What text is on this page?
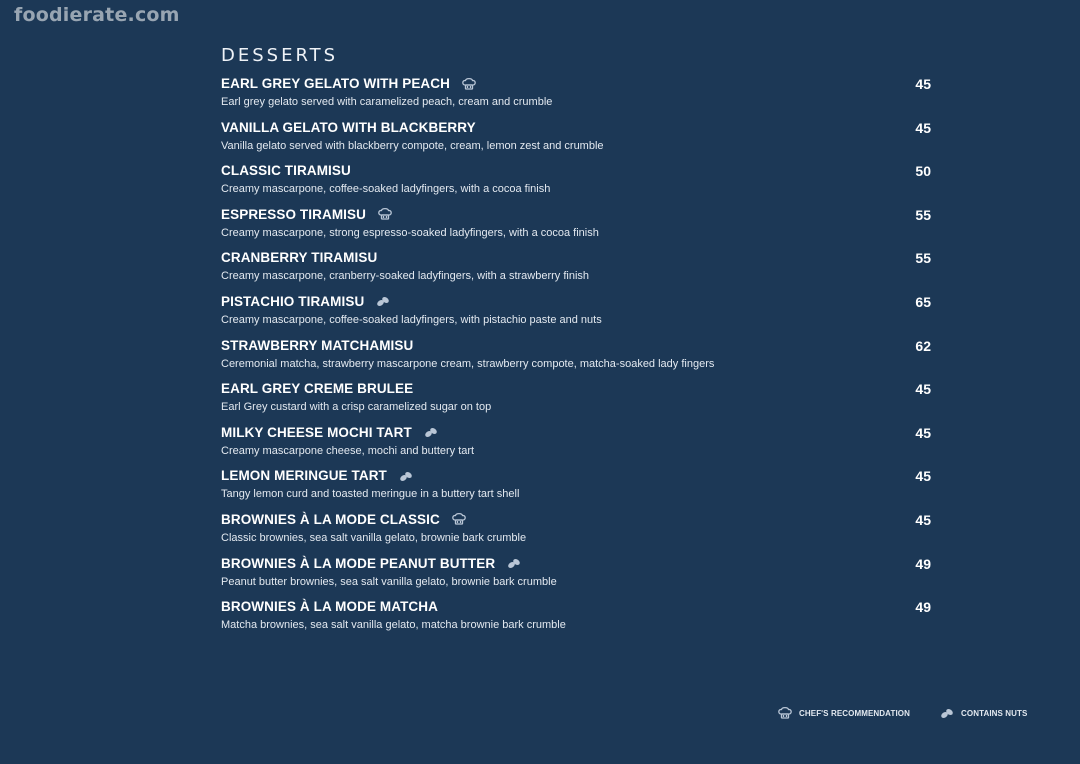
foodierate.com
DESSERTS
EARL GREY GELATO WITH PEACH
Earl grey gelato served with caramelized peach, cream and crumble
45
VANILLA GELATO WITH BLACKBERRY
Vanilla gelato served with blackberry compote, cream, lemon zest and crumble
45
CLASSIC TIRAMISU
Creamy mascarpone, coffee-soaked ladyfingers, with a cocoa finish
50
ESPRESSO TIRAMISU
Creamy mascarpone, strong espresso-soaked ladyfingers, with a cocoa finish
55
CRANBERRY TIRAMISU
Creamy mascarpone, cranberry-soaked ladyfingers, with a strawberry finish
55
PISTACHIO TIRAMISU
Creamy mascarpone, coffee-soaked ladyfingers, with pistachio paste and nuts
65
STRAWBERRY MATCHAMISU
Ceremonial matcha, strawberry mascarpone cream, strawberry compote, matcha-soaked lady fingers
62
EARL GREY CREME BRULEE
Earl Grey custard with a crisp caramelized sugar on top
45
MILKY CHEESE MOCHI TART
Creamy mascarpone cheese, mochi and buttery tart
45
LEMON MERINGUE TART
Tangy lemon curd and toasted meringue in a buttery tart shell
45
BROWNIES À LA MODE CLASSIC
Classic brownies, sea salt vanilla gelato, brownie bark crumble
45
BROWNIES À LA MODE PEANUT BUTTER
Peanut butter brownies, sea salt vanilla gelato, brownie bark crumble
49
BROWNIES À LA MODE MATCHA
Matcha brownies, sea salt vanilla gelato, matcha brownie bark crumble
49
CHEF'S RECOMMENDATION	CONTAINS NUTS
